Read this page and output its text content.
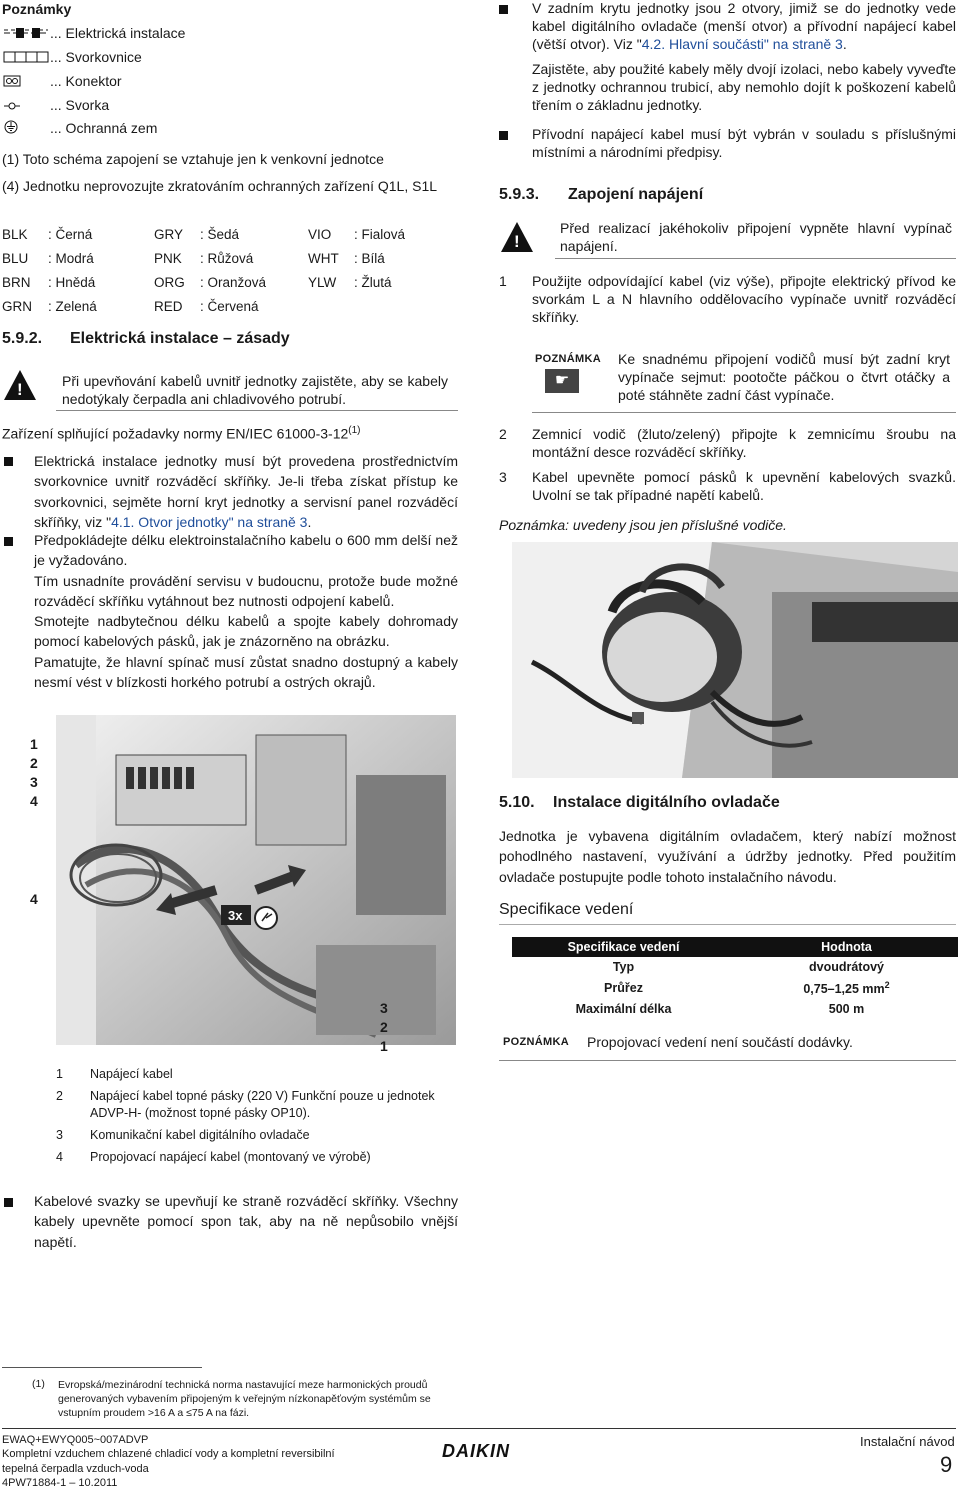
Poznámky
... Elektrická instalace
... Svorkovnice
... Konektor
... Svorka
... Ochranná zem
(1) Toto schéma zapojení se vztahuje jen k venkovní jednotce
(4) Jednotku neprovozujte zkratováním ochranných zařízení Q1L, S1L
BLK : Černá	GRY : Šedá	VIO : Fialová
BLU : Modrá	PNK : Růžová	WHT : Bílá
BRN : Hnědá	ORG : Oranžová	YLW : Žlutá
GRN : Zelená	RED : Červená
5.9.2. Elektrická instalace – zásady
!
Při upevňování kabelů uvnitř jednotky zajistěte, aby se kabely nedotýkaly čerpadla ani chladivového potrubí.
Zařízení splňující požadavky normy EN/IEC 61000-3-12$^{(1)}$
Elektrická instalace jednotky musí být provedena prostřednictvím svorkovnice uvnitř rozváděcí skříňky. Je-li třeba získat přístup ke svorkovnici, sejměte horní kryt jednotky a servisní panel rozváděcí skříňky, viz "4.1. Otvor jednotky" na straně 3.
Předpokládejte délku elektroinstalačního kabelu o 600 mm delší než je vyžadováno.
Tím usnadníte provádění servisu v budoucnu, protože bude možné rozváděcí skříňku vytáhnout bez nutnosti odpojení kabelů.
Smotejte nadbytečnou délku kabelů a spojte kabely dohromady pomocí kabelových pásků, jak je znázorněno na obrázku.
Pamatujte, že hlavní spínač musí zůstat snadno dostupný a kabely nesmí vést v blízkosti horkého potrubí a ostrých okrajů.
1
2
3
4
4
3x
1 Napájecí kabel
2 Napájecí kabel topné pásky (220 V) Funkční pouze u jednotek ADVP-H- (možnost topné pásky OP10).
3 Komunikační kabel digitálního ovladače
4 Propojovací napájecí kabel (montovaný ve výrobě)
Kabelové svazky se upevňují ke straně rozváděcí skříňky. Všechny kabely upevněte pomocí spon tak, aby na ně nepůsobilo vnější napětí.
(1) Evropská/mezinárodní technická norma nastavující meze harmonických proudů generovaných vybavením připojeným k veřejným nízkonapěťovým systémům se vstupním proudem >16 A a ≤75 A na fázi.
V zadním krytu jednotky jsou 2 otvory, jimiž se do jednotky vede kabel digitálního ovladače (menší otvor) a přívodní napájecí kabel (větší otvor). Viz "4.2. Hlavní součásti" na straně 3.
Zajistěte, aby použité kabely měly dvojí izolaci, nebo kabely vyveďte z jednotky ochrannou trubicí, aby nemohlo dojít k poškození kabelů třením o základnu jednotky.
Přívodní napájecí kabel musí být vybrán v souladu s příslušnými místními a národními předpisy.
5.9.3. Zapojení napájení
!
Před realizací jakéhokoliv připojení vypněte hlavní vypínač napájení.
1 Použijte odpovídající kabel (viz výše), připojte elektrický přívod ke svorkám L a N hlavního oddělovacího vypínače uvnitř rozváděcí skříňky.
POZNÁMKA
☛
Ke snadnému připojení vodičů musí být zadní kryt vypínače sejmut: pootočte páčkou o čtvrt otáčky a poté stáhněte zadní část vypínače.
2 Zemnicí vodič (žluto/zelený) připojte k zemnicímu šroubu na montážní desce rozváděcí skříňky.
3 Kabel upevněte pomocí pásků k upevnění kabelových svazků. Uvolní se tak případné napětí kabelů.
Poznámka: uvedeny jsou jen příslušné vodiče.
5.10. Instalace digitálního ovladače
Jednotka je vybavena digitálním ovladačem, který nabízí možnost pohodlného nastavení, využívání a údržby jednotky. Před použitím ovladače postupujte podle tohoto instalačního návodu.
Specifikace vedení
Specifikace vedení	Hodnota
Typ	dvoudrátový
Průřez	0,75–1,25 $mm^2$
Maximální délka	500 m
3
2
1	POZNÁMKA Propojovací vedení není součástí dodávky.
EWAQ+EWYQ005~007ADVP
Kompletní vzduchem chlazené chladicí vody a kompletní reversibilní
tepelná čerpadla vzduch-voda
4PW71884-1 – 10.2011
DAIKIN	Instalační návod
9
